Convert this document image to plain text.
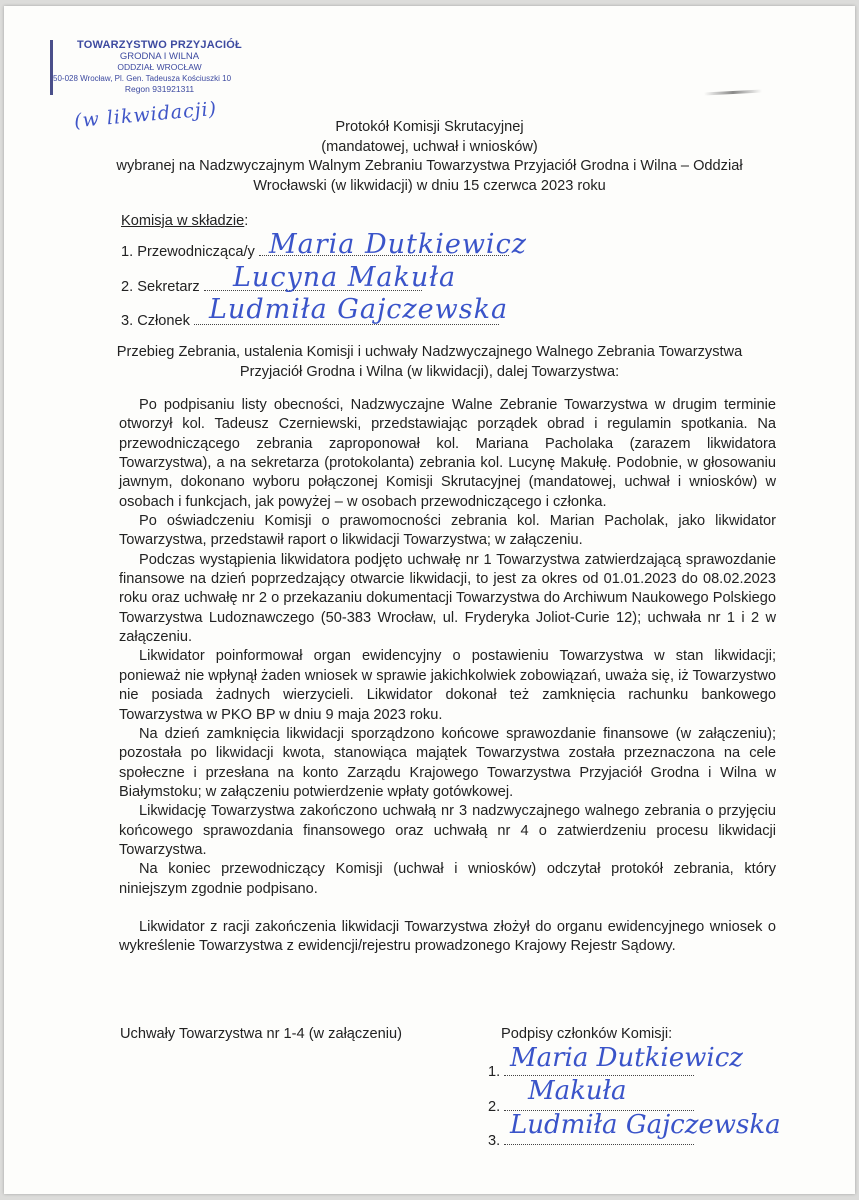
TOWARZYSTWO PRZYJACIÓŁ
GRODNA I WILNA
ODDZIAŁ WROCŁAW
50-028 Wrocław, Pl. Gen. Tadeusza Kościuszki 10
Regon 931921311
(w likwidacji)	Protokół Komisji Skrutacyjnej
(mandatowej, uchwał i wniosków)
wybranej na Nadzwyczajnym Walnym Zebraniu Towarzystwa Przyjaciół Grodna i Wilna – Oddział
Wrocławski (w likwidacji) w dniu 15 czerwca 2023 roku
Komisja w składzie:
1. Przewodnicząca/y Maria Dutkiewicz
2. Sekretarz Lucyna Makuła
3. Członek Ludmiła Gajczewska
Przebieg Zebrania, ustalenia Komisji i uchwały Nadzwyczajnego Walnego Zebrania Towarzystwa
Przyjaciół Grodna i Wilna (w likwidacji), dalej Towarzystwa:

Po podpisaniu listy obecności, Nadzwyczajne Walne Zebranie Towarzystwa w drugim terminie otworzył kol. Tadeusz Czerniewski, przedstawiając porządek obrad i regulamin spotkania. Na przewodniczącego zebrania zaproponował kol. Mariana Pacholaka (zarazem likwidatora Towarzystwa), a na sekretarza (protokolanta) zebrania kol. Lucynę Makułę. Podobnie, w głosowaniu jawnym, dokonano wyboru połączonej Komisji Skrutacyjnej (mandatowej, uchwał i wniosków) w osobach i funkcjach, jak powyżej – w osobach przewodniczącego i członka.

Po oświadczeniu Komisji o prawomocności zebrania kol. Marian Pacholak, jako likwidator Towarzystwa, przedstawił raport o likwidacji Towarzystwa; w załączeniu.

Podczas wystąpienia likwidatora podjęto uchwałę nr 1 Towarzystwa zatwierdzającą sprawozdanie finansowe na dzień poprzedzający otwarcie likwidacji, to jest za okres od 01.01.2023 do 08.02.2023 roku oraz uchwałę nr 2 o przekazaniu dokumentacji Towarzystwa do Archiwum Naukowego Polskiego Towarzystwa Ludoznawczego (50-383 Wrocław, ul. Fryderyka Joliot-Curie 12); uchwała nr 1 i 2 w załączeniu.

Likwidator poinformował organ ewidencyjny o postawieniu Towarzystwa w stan likwidacji; ponieważ nie wpłynął żaden wniosek w sprawie jakichkolwiek zobowiązań, uważa się, iż Towarzystwo nie posiada żadnych wierzycieli. Likwidator dokonał też zamknięcia rachunku bankowego Towarzystwa w PKO BP w dniu 9 maja 2023 roku.

Na dzień zamknięcia likwidacji sporządzono końcowe sprawozdanie finansowe (w załączeniu); pozostała po likwidacji kwota, stanowiąca majątek Towarzystwa została przeznaczona na cele społeczne i przesłana na konto Zarządu Krajowego Towarzystwa Przyjaciół Grodna i Wilna w Białymstoku; w załączeniu potwierdzenie wpłaty gotówkowej.

Likwidację Towarzystwa zakończono uchwałą nr 3 nadzwyczajnego walnego zebrania o przyjęciu końcowego sprawozdania finansowego oraz uchwałą nr 4 o zatwierdzeniu procesu likwidacji Towarzystwa.

Na koniec przewodniczący Komisji (uchwał i wniosków) odczytał protokół zebrania, który niniejszym zgodnie podpisano.

Likwidator z racji zakończenia likwidacji Towarzystwa złożył do organu ewidencyjnego wniosek o wykreślenie Towarzystwa z ewidencji/rejestru prowadzonego Krajowy Rejestr Sądowy.

Uchwały Towarzystwa nr 1-4 (w załączeniu)	Podpisy członków Komisji:
1. Maria Dutkiewicz
2.
Makuła
3.
Ludmiła Gajczewska
